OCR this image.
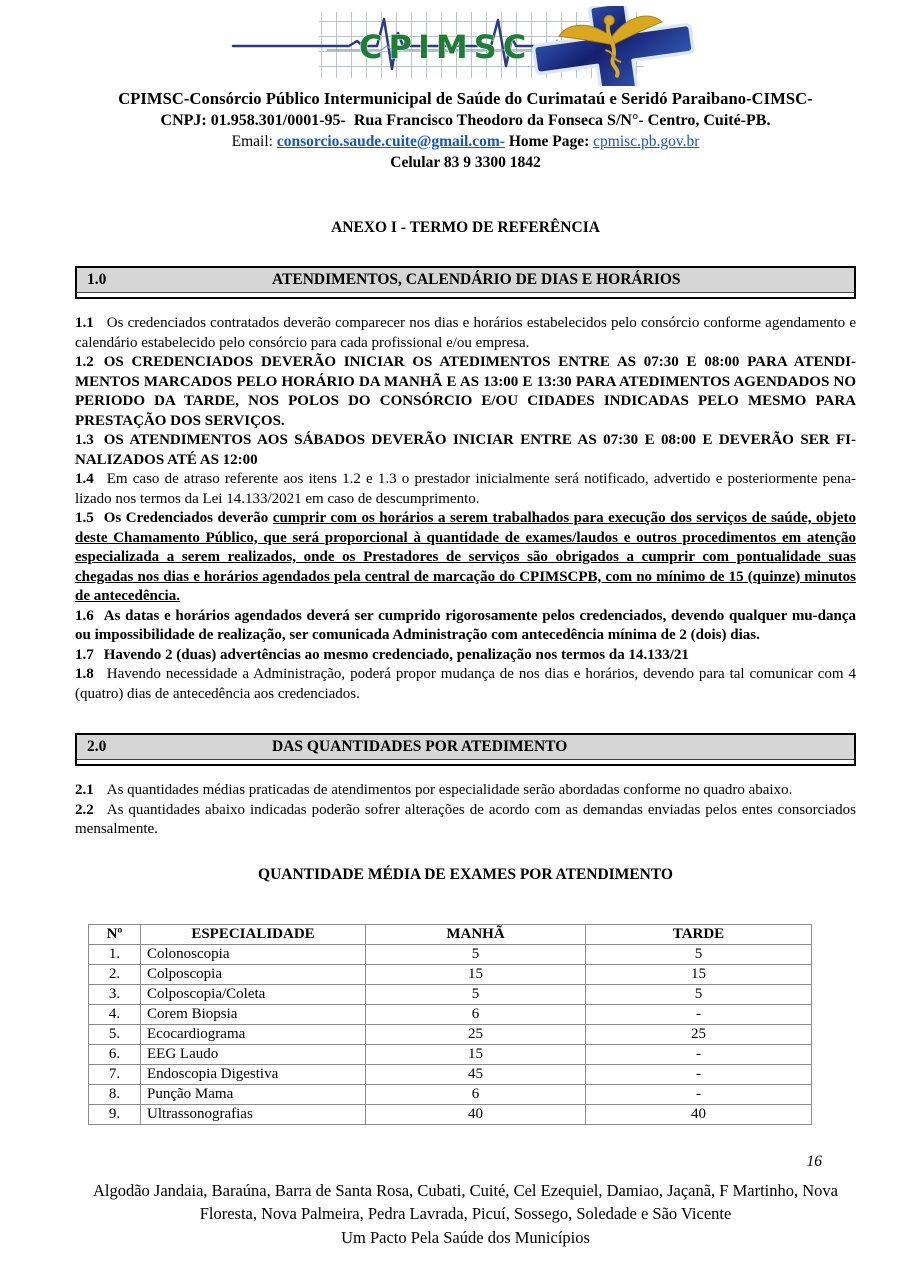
CPIMSC
CPIMSC-Consórcio Público Intermunicipal de Saúde do Curimataú e Seridó Paraibano-CIMSC-
CNPJ: 01.958.301/0001-95- Rua Francisco Theodoro da Fonseca S/N°- Centro, Cuité-PB.
Email: consorcio.saude.cuite@gmail.com- Home Page: cpmisc.pb.gov.br
Celular 83 9 3300 1842
ANEXO I - TERMO DE REFERÊNCIA
1.0	ATENDIMENTOS, CALENDÁRIO DE DIAS E HORÁRIOS

1.1 Os credenciados contratados deverão comparecer nos dias e horários estabelecidos pelo consórcio conforme agendamento e calendário estabelecido pelo consórcio para cada profissional e/ou empresa.

1.2 OS CREDENCIADOS DEVERÃO INICIAR OS ATEDIMENTOS ENTRE AS 07:30 E 08:00 PARA ATENDI-MENTOS MARCADOS PELO HORÁRIO DA MANHÃ E AS 13:00 E 13:30 PARA ATEDIMENTOS AGENDADOS NO PERIODO DA TARDE, NOS POLOS DO CONSÓRCIO E/OU CIDADES INDICADAS PELO MESMO PARA PRESTAÇÃO DOS SERVIÇOS.

1.3 OS ATENDIMENTOS AOS SÁBADOS DEVERÃO INICIAR ENTRE AS 07:30 E 08:00 E DEVERÃO SER FI-NALIZADOS ATÉ AS 12:00

1.4 Em caso de atraso referente aos itens 1.2 e 1.3 o prestador inicialmente será notificado, advertido e posteriormente pena-lizado nos termos da Lei 14.133/2021 em caso de descumprimento.

1.5 Os Credenciados deverão cumprir com os horários a serem trabalhados para execução dos serviços de saúde, objeto deste Chamamento Público, que será proporcional à quantidade de exames/laudos e outros procedimentos em atenção especializada a serem realizados, onde os Prestadores de serviços são obrigados a cumprir com pontualidade suas chegadas nos dias e horários agendados pela central de marcação do CPIMSCPB, com no mínimo de 15 (quinze) minutos de antecedência.

1.6 As datas e horários agendados deverá ser cumprido rigorosamente pelos credenciados, devendo qualquer mu-dança ou impossibilidade de realização, ser comunicada Administração com antecedência mínima de 2 (dois) dias.

1.7 Havendo 2 (duas) advertências ao mesmo credenciado, penalização nos termos da 14.133/21

1.8 Havendo necessidade a Administração, poderá propor mudança de nos dias e horários, devendo para tal comunicar com 4 (quatro) dias de antecedência aos credenciados.

2.0	DAS QUANTIDADES POR ATEDIMENTO

2.1 As quantidades médias praticadas de atendimentos por especialidade serão abordadas conforme no quadro abaixo.

2.2 As quantidades abaixo indicadas poderão sofrer alterações de acordo com as demandas enviadas pelos entes consorciados mensalmente.

QUANTIDADE MÉDIA DE EXAMES POR ATENDIMENTO
Nº	ESPECIALIDADE	MANHÃ	TARDE
1.	Colonoscopia	5	5
2.	Colposcopia	15	15
3.	Colposcopia/Coleta	5	5
4.	Corem Biopsia	6	-
5.	Ecocardiograma	25	25
6.	EEG Laudo	15	-
7.	Endoscopia Digestiva	45	-
8.	Punção Mama	6	-
9.	Ultrassonografias	40	40
16
Algodão Jandaia, Baraúna, Barra de Santa Rosa, Cubati, Cuité, Cel Ezequiel, Damiao, Jaçanã, F Martinho, Nova Floresta, Nova Palmeira, Pedra Lavrada, Picuí, Sossego, Soledade e São Vicente
Um Pacto Pela Saúde dos Municípios
